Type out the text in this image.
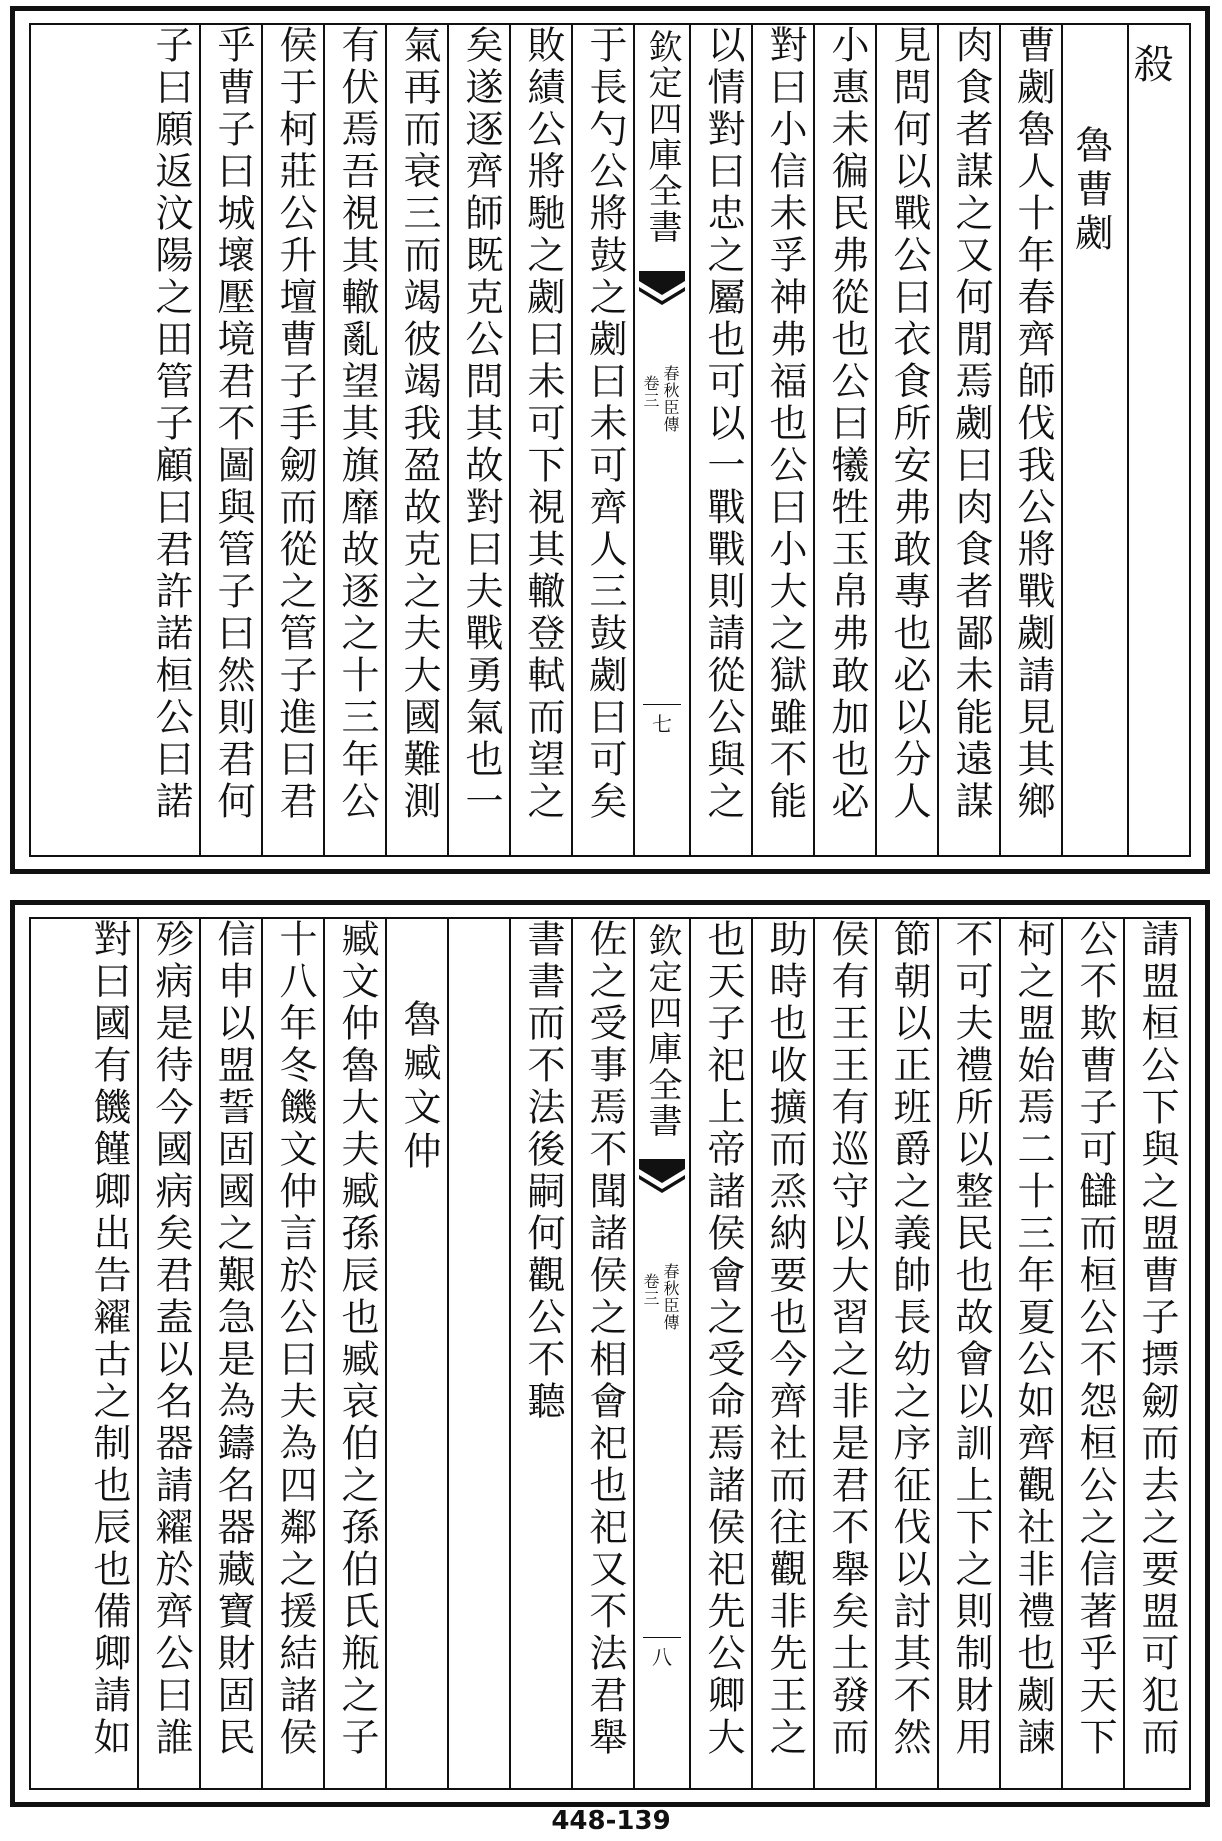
殺
魯曹劌
曹劌魯人十年春齊師伐我公將戰劌請見其鄉
肉食者謀之又何閒焉劌曰肉食者鄙未能遠謀
見問何以戰公曰衣食所安弗敢專也必以分人
小惠未徧民弗從也公曰犧牲玉帛弗敢加也必
對曰小信未孚神弗福也公曰小大之獄雖不能
以情對曰忠之屬也可以一戰戰則請從公與之
欽定四庫全書
春秋臣傳
卷三
七
于長勺公將鼓之劌曰未可齊人三鼓劌曰可矣
敗績公將馳之劌曰未可下視其轍登軾而望之
矣遂逐齊師既克公問其故對曰夫戰勇氣也一
氣再而衰三而竭彼竭我盈故克之夫大國難測
有伏焉吾視其轍亂望其旗靡故逐之十三年公
侯于柯莊公升壇曹子手劒而從之管子進曰君
乎曹子曰城壞壓境君不圖與管子曰然則君何
子曰願返汶陽之田管子顧曰君許諾桓公曰諾
請盟桓公下與之盟曹子摽劒而去之要盟可犯而
公不欺曹子可讎而桓公不怨桓公之信著乎天下
柯之盟始焉二十三年夏公如齊觀社非禮也劌諫
不可夫禮所以整民也故會以訓上下之則制財用
節朝以正班爵之義帥長幼之序征伐以討其不然
侯有王王有巡守以大習之非是君不舉矣土發而
助時也收擴而烝納要也今齊社而往觀非先王之
也天子祀上帝諸侯會之受命焉諸侯祀先公卿大
欽定四庫全書
春秋臣傳
卷三
八
佐之受事焉不聞諸侯之相會祀也祀又不法君舉
書書而不法後嗣何觀公不聽
魯臧文仲
臧文仲魯大夫臧孫辰也臧哀伯之孫伯氏瓶之子
十八年冬饑文仲言於公曰夫為四鄰之援結諸侯
信申以盟誓固國之艱急是為鑄名器藏寶財固民
殄病是待今國病矣君盍以名器請糴於齊公曰誰
對曰國有饑饉卿出告糴古之制也辰也備卿請如
448-139
